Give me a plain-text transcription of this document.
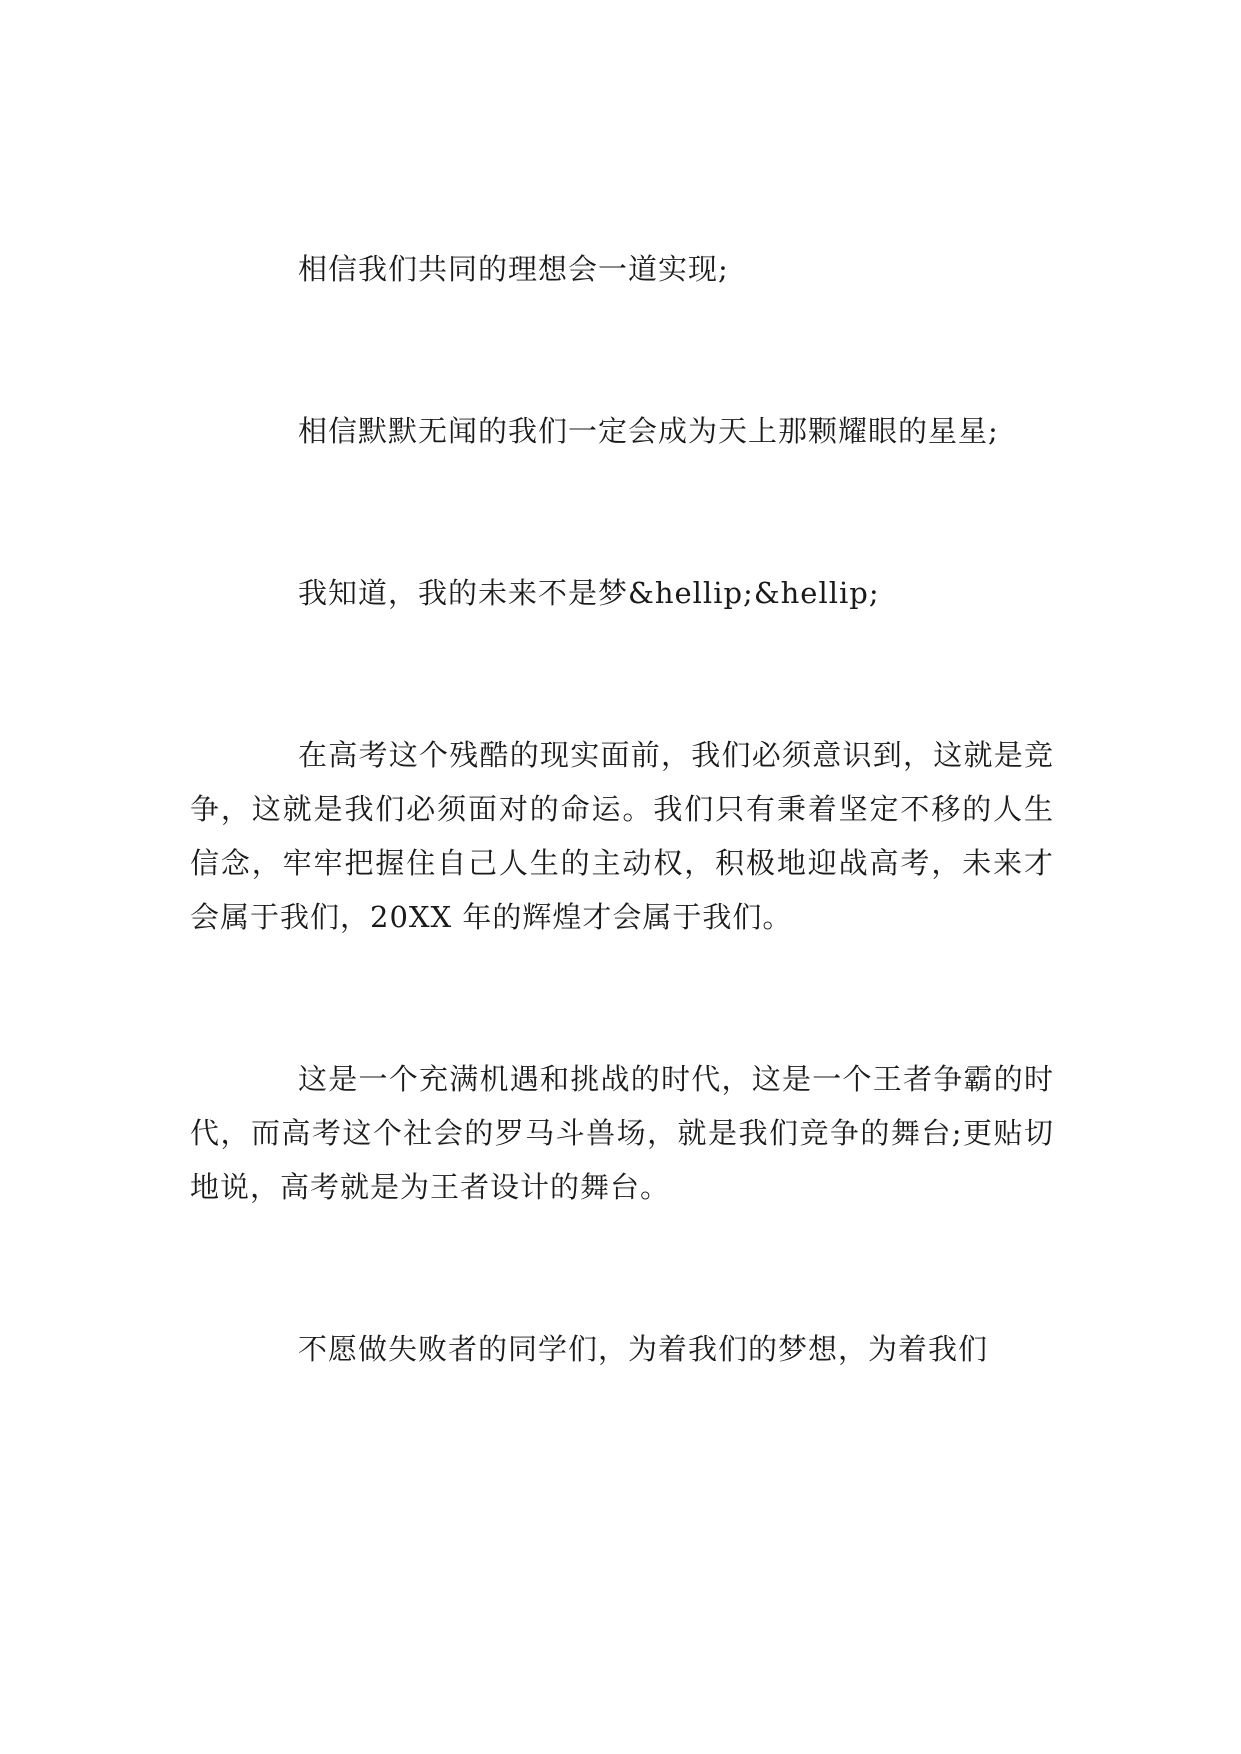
相信我们共同的理想会一道实现;

相信默默无闻的我们一定会成为天上那颗耀眼的星星;

我知道，我的未来不是梦&hellip;&hellip;

在高考这个残酷的现实面前，我们必须意识到，这就是竞争，这就是我们必须面对的命运。我们只有秉着坚定不移的人生信念，牢牢把握住自己人生的主动权，积极地迎战高考，未来才会属于我们，20XX 年的辉煌才会属于我们。

这是一个充满机遇和挑战的时代，这是一个王者争霸的时代，而高考这个社会的罗马斗兽场，就是我们竞争的舞台;更贴切地说，高考就是为王者设计的舞台。

不愿做失败者的同学们，为着我们的梦想，为着我们
